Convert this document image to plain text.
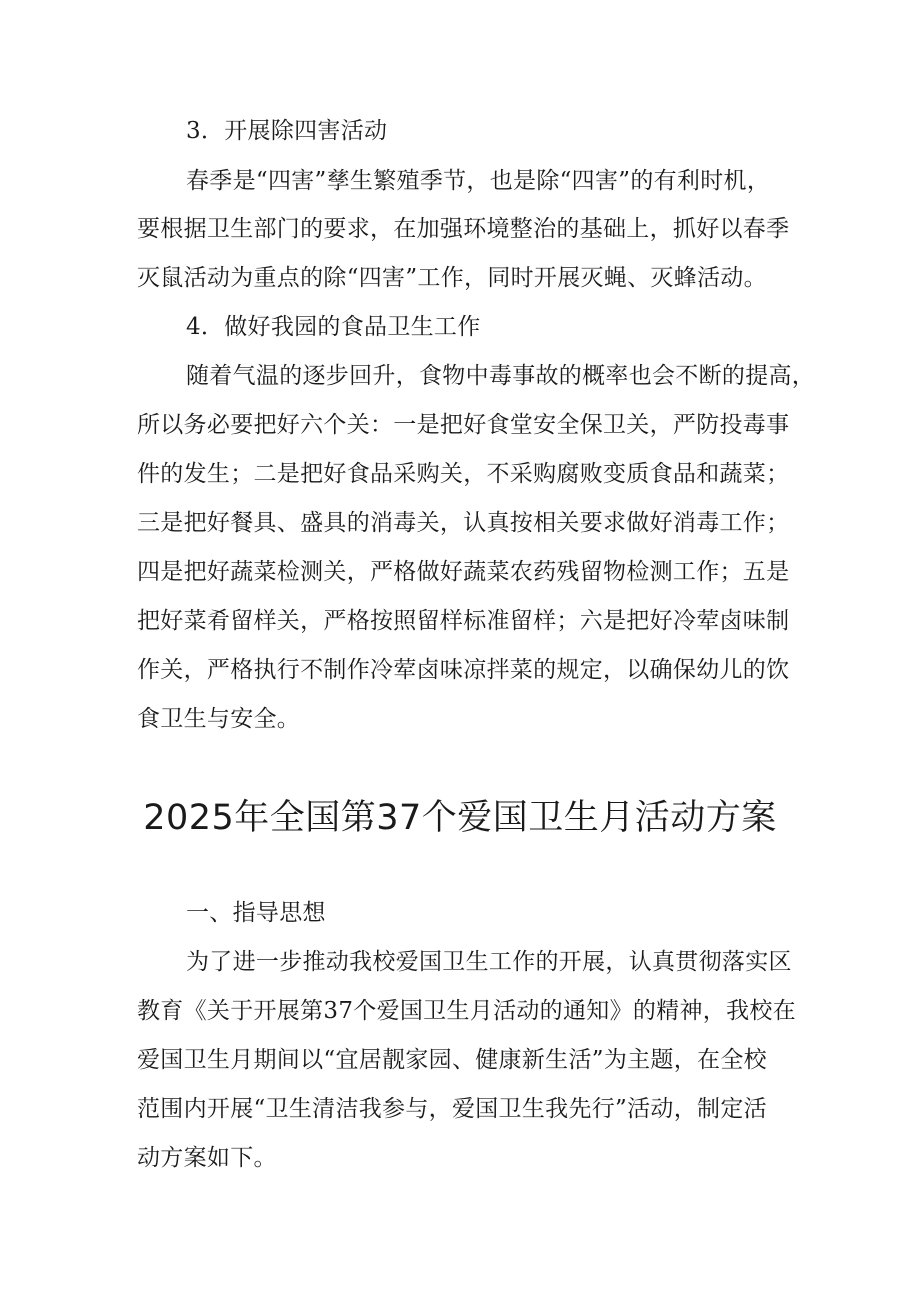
3．开展除四害活动
春季是“四害”孳生繁殖季节，也是除“四害”的有利时机，
要根据卫生部门的要求，在加强环境整治的基础上，抓好以春季
灭鼠活动为重点的除“四害”工作，同时开展灭蝇、灭蜂活动。
4．做好我园的食品卫生工作
随着气温的逐步回升，食物中毒事故的概率也会不断的提高，
所以务必要把好六个关：一是把好食堂安全保卫关，严防投毒事
件的发生；二是把好食品采购关，不采购腐败变质食品和蔬菜；
三是把好餐具、盛具的消毒关，认真按相关要求做好消毒工作；
四是把好蔬菜检测关，严格做好蔬菜农药残留物检测工作；五是
把好菜肴留样关，严格按照留样标准留样；六是把好冷荤卤味制
作关，严格执行不制作冷荤卤味凉拌菜的规定，以确保幼儿的饮
食卫生与安全。
2025年全国第37个爱国卫生月活动方案
一、指导思想
为了进一步推动我校爱国卫生工作的开展，认真贯彻落实区
教育《关于开展第37个爱国卫生月活动的通知》的精神，我校在
爱国卫生月期间以“宜居靓家园、健康新生活”为主题，在全校
范围内开展“卫生清洁我参与，爱国卫生我先行”活动，制定活
动方案如下。
